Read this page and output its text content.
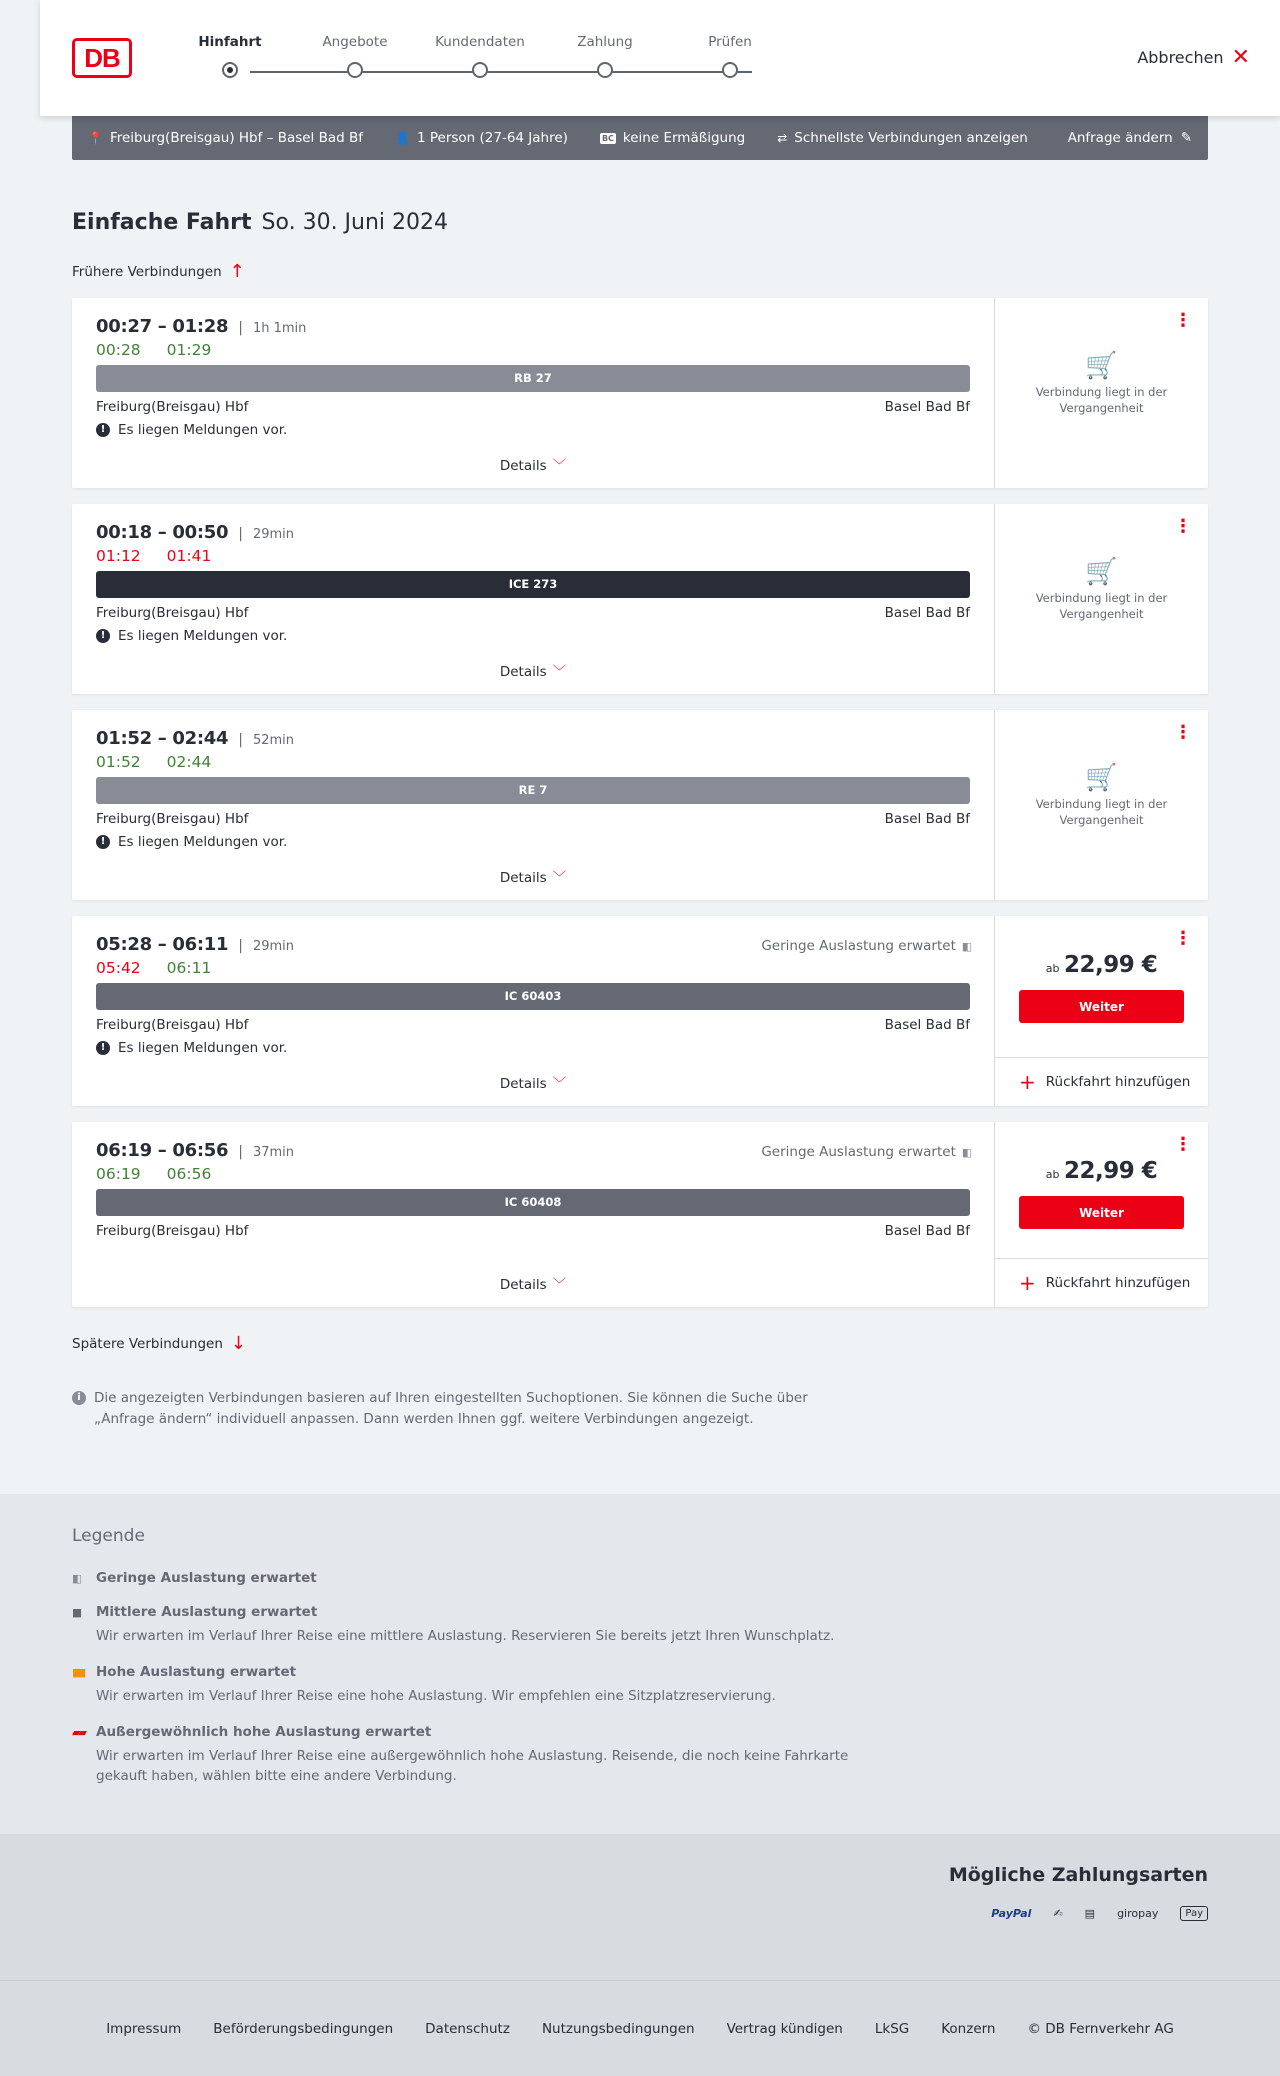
DB
Hinfahrt	Angebote	Kundendaten	Zahlung	Prüfen
Abbrechen ✕
📍 Freiburg(Breisgau) Hbf – Basel Bad Bf	👤 1 Person (27-64 Jahre)	BC keine Ermäßigung	⇄ Schnellste Verbindungen anzeigen	Anfrage ändern ✎
Einfache Fahrt So. 30. Juni 2024
Frühere Verbindungen ↑
00:27 – 01:28 | 1h 1min
00:28 01:29
RB 27
Freiburg(Breisgau) Hbf	Basel Bad Bf
! Es liegen Meldungen vor.
Details ﹀
⋮
🛒
Verbindung liegt in der Vergangenheit
00:18 – 00:50 | 29min
01:12 01:41
ICE 273
Freiburg(Breisgau) Hbf	Basel Bad Bf
! Es liegen Meldungen vor.
Details ﹀
⋮
🛒
Verbindung liegt in der Vergangenheit
01:52 – 02:44 | 52min
01:52 02:44
RE 7
Freiburg(Breisgau) Hbf	Basel Bad Bf
! Es liegen Meldungen vor.
Details ﹀
⋮
🛒
Verbindung liegt in der Vergangenheit
05:28 – 06:11 | 29min	Geringe Auslastung erwartet ▮▯
05:42 06:11
IC 60403
Freiburg(Breisgau) Hbf	Basel Bad Bf
! Es liegen Meldungen vor.
Details ﹀
⋮
ab 22,99 €
Weiter
+ Rückfahrt hinzufügen
06:19 – 06:56 | 37min	Geringe Auslastung erwartet ▮▯
06:19 06:56
IC 60408
Freiburg(Breisgau) Hbf	Basel Bad Bf
Details ﹀
⋮
ab 22,99 €
Weiter
+ Rückfahrt hinzufügen
Spätere Verbindungen ↓
i Die angezeigten Verbindungen basieren auf Ihren eingestellten Suchoptionen. Sie können die Suche über „Anfrage ändern“ individuell anpassen. Dann werden Ihnen ggf. weitere Verbindungen angezeigt.
Legende
▮▯	Geringe Auslastung erwartet
▮▮	Mittlere Auslastung erwartet
Wir erwarten im Verlauf Ihrer Reise eine mittlere Auslastung. Reservieren Sie bereits jetzt Ihren Wunschplatz.
▮▮▮ Hohe Auslastung erwartet
Wir erwarten im Verlauf Ihrer Reise eine hohe Auslastung. Wir empfehlen eine Sitzplatzreservierung.
▰▰ Außergewöhnlich hohe Auslastung erwartet
Wir erwarten im Verlauf Ihrer Reise eine außergewöhnlich hohe Auslastung. Reisende, die noch keine Fahrkarte gekauft haben, wählen bitte eine andere Verbindung.
Mögliche Zahlungsarten
PayPal ✍ ▤ giropay	Pay
Impressum Beförderungsbedingungen Datenschutz Nutzungsbedingungen Vertrag kündigen LkSG Konzern © DB Fernverkehr AG
